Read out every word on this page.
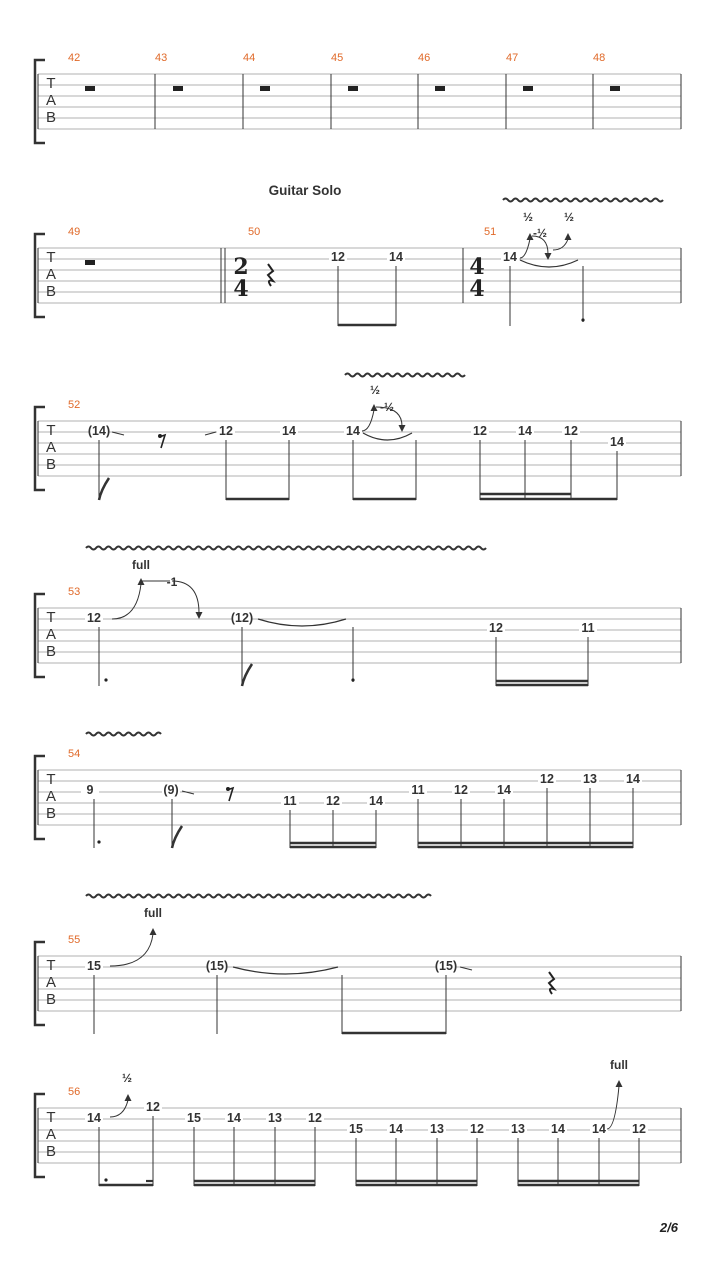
Guitar Solo
T
A
B
42	43	44	45	46	47	48
T
A
B
49	50	51
2
4
4
4
12	14	14
½
-½
½
T
A
B
52
(14)	12	14	14
½
-½
12 14	12
14
T
A
B
53
12
full
-1
(12)
12	11
T
A
B
54
9	(9)
11 12 14
11 12 14
12 13 14
T
A
B
55
15
full
(15)	(15)
T
A
B
56
14
½
12
15 14 13 12
15 14 13 12 13 14 14 12
full
2/6
